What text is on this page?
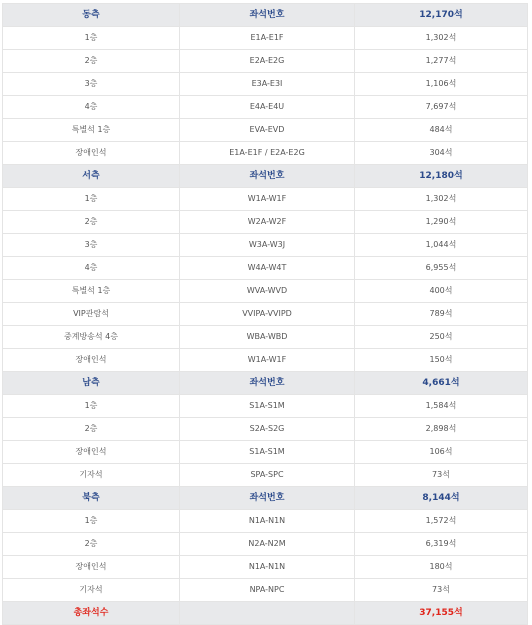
동측	좌석번호	12,170석
1층	E1A-E1F	1,302석
2층	E2A-E2G	1,277석
3층	E3A-E3I	1,106석
4층	E4A-E4U	7,697석
특별석 1층	EVA-EVD	484석
장애인석	E1A-E1F / E2A-E2G	304석
서측	좌석번호	12,180석
1층	W1A-W1F	1,302석
2층	W2A-W2F	1,290석
3층	W3A-W3J	1,044석
4층	W4A-W4T	6,955석
특별석 1층	WVA-WVD	400석
VIP관람석	VVIPA-VVIPD	789석
중계방송석 4층	WBA-WBD	250석
장애인석	W1A-W1F	150석
남측	좌석번호	4,661석
1층	S1A-S1M	1,584석
2층	S2A-S2G	2,898석
장애인석	S1A-S1M	106석
기자석	SPA-SPC	73석
북측	좌석번호	8,144석
1층	N1A-N1N	1,572석
2층	N2A-N2M	6,319석
장애인석	N1A-N1N	180석
기자석	NPA-NPC	73석
총좌석수		37,155석
